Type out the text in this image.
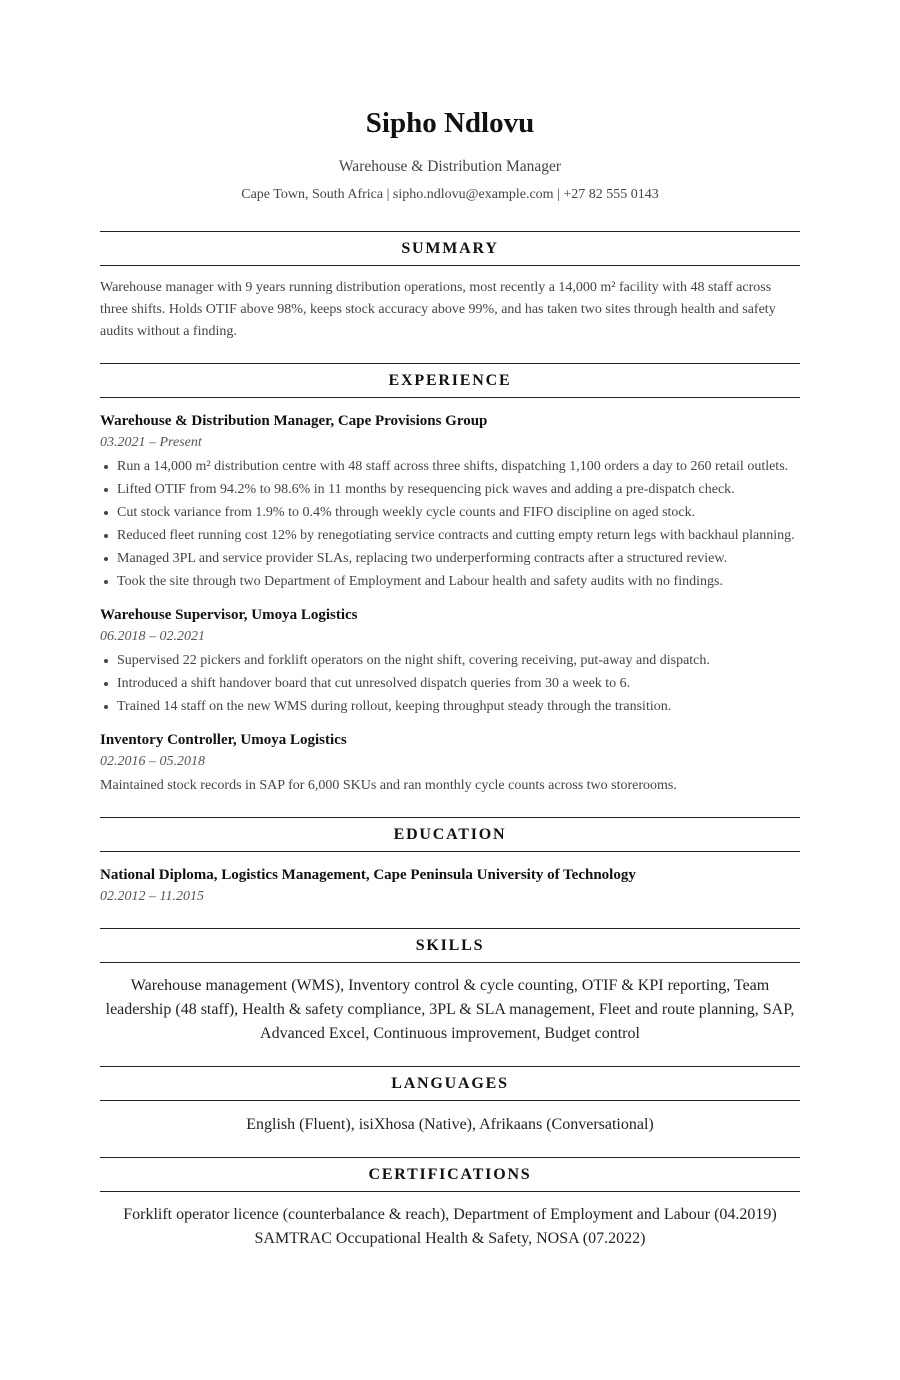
Sipho Ndlovu
Warehouse & Distribution Manager
Cape Town, South Africa | sipho.ndlovu@example.com | +27 82 555 0143
SUMMARY
Warehouse manager with 9 years running distribution operations, most recently a 14,000 m² facility with 48 staff across three shifts. Holds OTIF above 98%, keeps stock accuracy above 99%, and has taken two sites through health and safety audits without a finding.
EXPERIENCE
Warehouse & Distribution Manager, Cape Provisions Group
03.2021 – Present
Run a 14,000 m² distribution centre with 48 staff across three shifts, dispatching 1,100 orders a day to 260 retail outlets.
Lifted OTIF from 94.2% to 98.6% in 11 months by resequencing pick waves and adding a pre-dispatch check.
Cut stock variance from 1.9% to 0.4% through weekly cycle counts and FIFO discipline on aged stock.
Reduced fleet running cost 12% by renegotiating service contracts and cutting empty return legs with backhaul planning.
Managed 3PL and service provider SLAs, replacing two underperforming contracts after a structured review.
Took the site through two Department of Employment and Labour health and safety audits with no findings.
Warehouse Supervisor, Umoya Logistics
06.2018 – 02.2021
Supervised 22 pickers and forklift operators on the night shift, covering receiving, put-away and dispatch.
Introduced a shift handover board that cut unresolved dispatch queries from 30 a week to 6.
Trained 14 staff on the new WMS during rollout, keeping throughput steady through the transition.
Inventory Controller, Umoya Logistics
02.2016 – 05.2018
Maintained stock records in SAP for 6,000 SKUs and ran monthly cycle counts across two storerooms.
EDUCATION
National Diploma, Logistics Management, Cape Peninsula University of Technology
02.2012 – 11.2015
SKILLS
Warehouse management (WMS), Inventory control & cycle counting, OTIF & KPI reporting, Team leadership (48 staff), Health & safety compliance, 3PL & SLA management, Fleet and route planning, SAP, Advanced Excel, Continuous improvement, Budget control
LANGUAGES
English (Fluent), isiXhosa (Native), Afrikaans (Conversational)
CERTIFICATIONS
Forklift operator licence (counterbalance & reach), Department of Employment and Labour (04.2019)
SAMTRAC Occupational Health & Safety, NOSA (07.2022)
